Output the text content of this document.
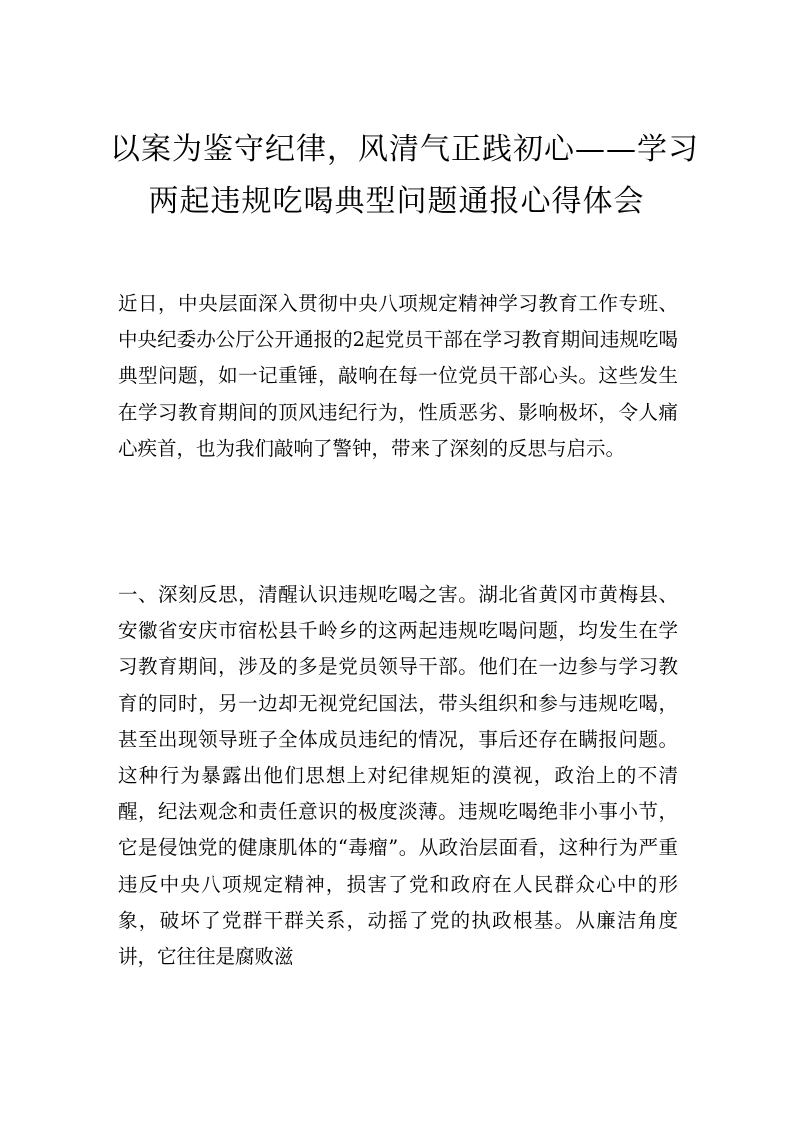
以案为鉴守纪律，风清气正践初心——学习
两起违规吃喝典型问题通报心得体会

近日，中央层面深入贯彻中央八项规定精神学习教育工作专班、中央纪委办公厅公开通报的2起党员干部在学习教育期间违规吃喝典型问题，如一记重锤，敲响在每一位党员干部心头。这些发生在学习教育期间的顶风违纪行为，性质恶劣、影响极坏，令人痛心疾首，也为我们敲响了警钟，带来了深刻的反思与启示。

一、深刻反思，清醒认识违规吃喝之害。湖北省黄冈市黄梅县、安徽省安庆市宿松县千岭乡的这两起违规吃喝问题，均发生在学习教育期间，涉及的多是党员领导干部。他们在一边参与学习教育的同时，另一边却无视党纪国法，带头组织和参与违规吃喝，甚至出现领导班子全体成员违纪的情况，事后还存在瞒报问题。这种行为暴露出他们思想上对纪律规矩的漠视，政治上的不清醒，纪法观念和责任意识的极度淡薄。违规吃喝绝非小事小节，它是侵蚀党的健康肌体的“毒瘤”。从政治层面看，这种行为严重违反中央八项规定精神，损害了党和政府在人民群众心中的形象，破坏了党群干群关系，动摇了党的执政根基。从廉洁角度讲，它往往是腐败滋
